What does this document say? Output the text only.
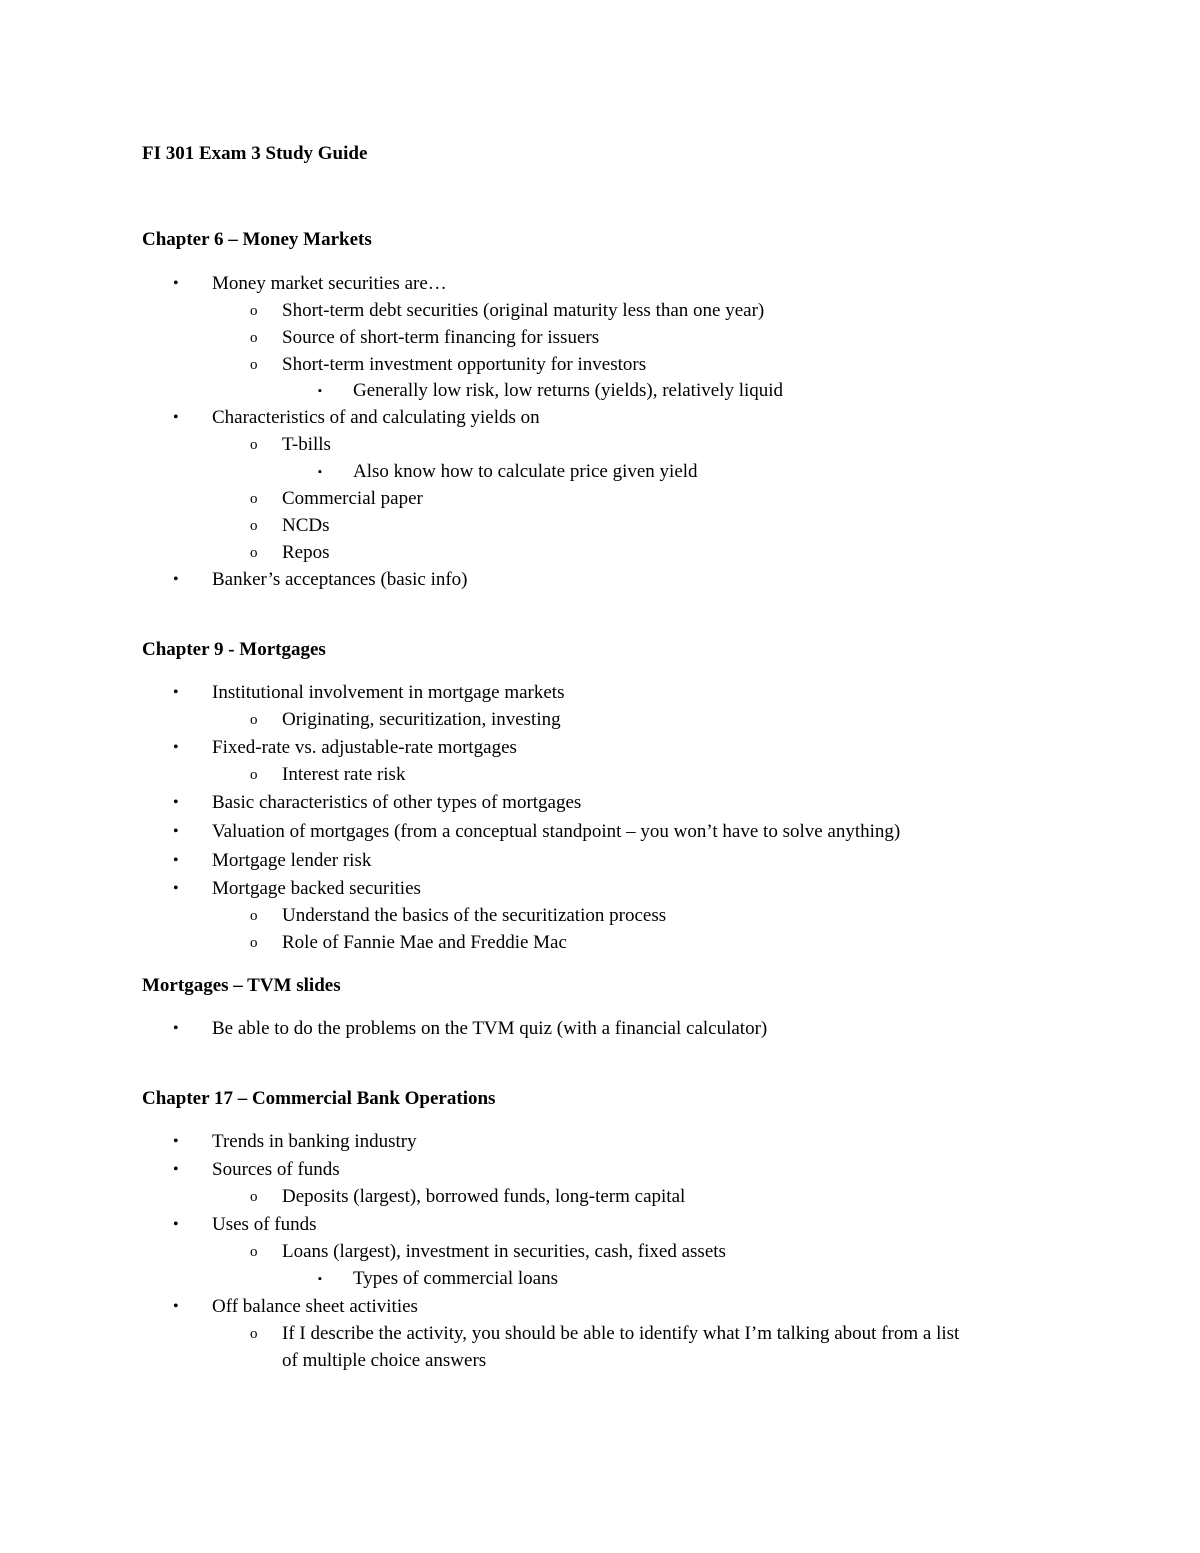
FI 301 Exam 3 Study Guide
Chapter 6 – Money Markets
• Money market securities are…
o Short-term debt securities (original maturity less than one year)
o Source of short-term financing for issuers
o Short-term investment opportunity for investors
▪ Generally low risk, low returns (yields), relatively liquid
• Characteristics of and calculating yields on
o T-bills
▪ Also know how to calculate price given yield
o Commercial paper
o NCDs
o Repos
• Banker’s acceptances (basic info)
Chapter 9 - Mortgages
• Institutional involvement in mortgage markets
o Originating, securitization, investing
• Fixed-rate vs. adjustable-rate mortgages
o Interest rate risk
• Basic characteristics of other types of mortgages
• Valuation of mortgages (from a conceptual standpoint – you won’t have to solve anything)
• Mortgage lender risk
• Mortgage backed securities
o Understand the basics of the securitization process
o Role of Fannie Mae and Freddie Mac
Mortgages – TVM slides
• Be able to do the problems on the TVM quiz (with a financial calculator)
Chapter 17 – Commercial Bank Operations
• Trends in banking industry
• Sources of funds
o Deposits (largest), borrowed funds, long-term capital
• Uses of funds
o Loans (largest), investment in securities, cash, fixed assets
▪ Types of commercial loans
• Off balance sheet activities
o If I describe the activity, you should be able to identify what I’m talking about from a list
of multiple choice answers
